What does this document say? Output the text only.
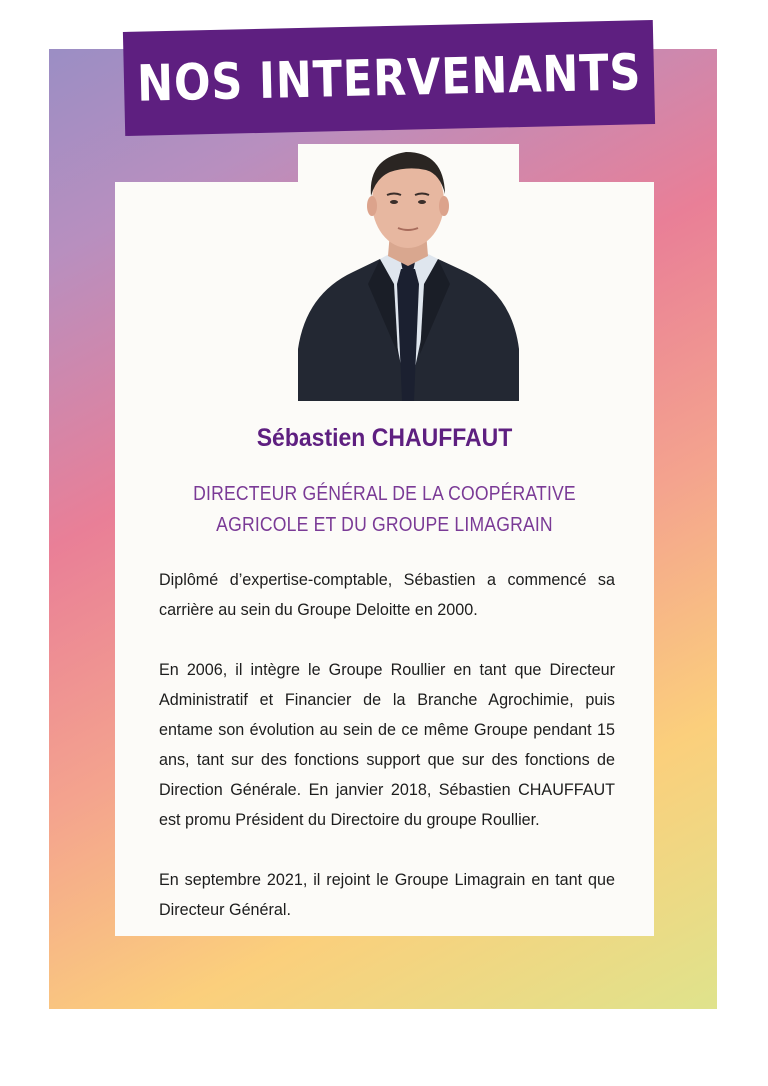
NOS INTERVENANTS
Sébastien CHAUFFAUT
DIRECTEUR GÉNÉRAL DE LA COOPÉRATIVE
AGRICOLE ET DU GROUPE LIMAGRAIN

Diplômé d’expertise-comptable, Sébastien a commencé sa carrière au sein du Groupe Deloitte en 2000.

En 2006, il intègre le Groupe Roullier en tant que Directeur Administratif et Financier de la Branche Agrochimie, puis entame son évolution au sein de ce même Groupe pendant 15 ans, tant sur des fonctions support que sur des fonctions de Direction Générale. En janvier 2018, Sébastien CHAUFFAUT est promu Président du Directoire du groupe Roullier.

En septembre 2021, il rejoint le Groupe Limagrain en tant que Directeur Général.
